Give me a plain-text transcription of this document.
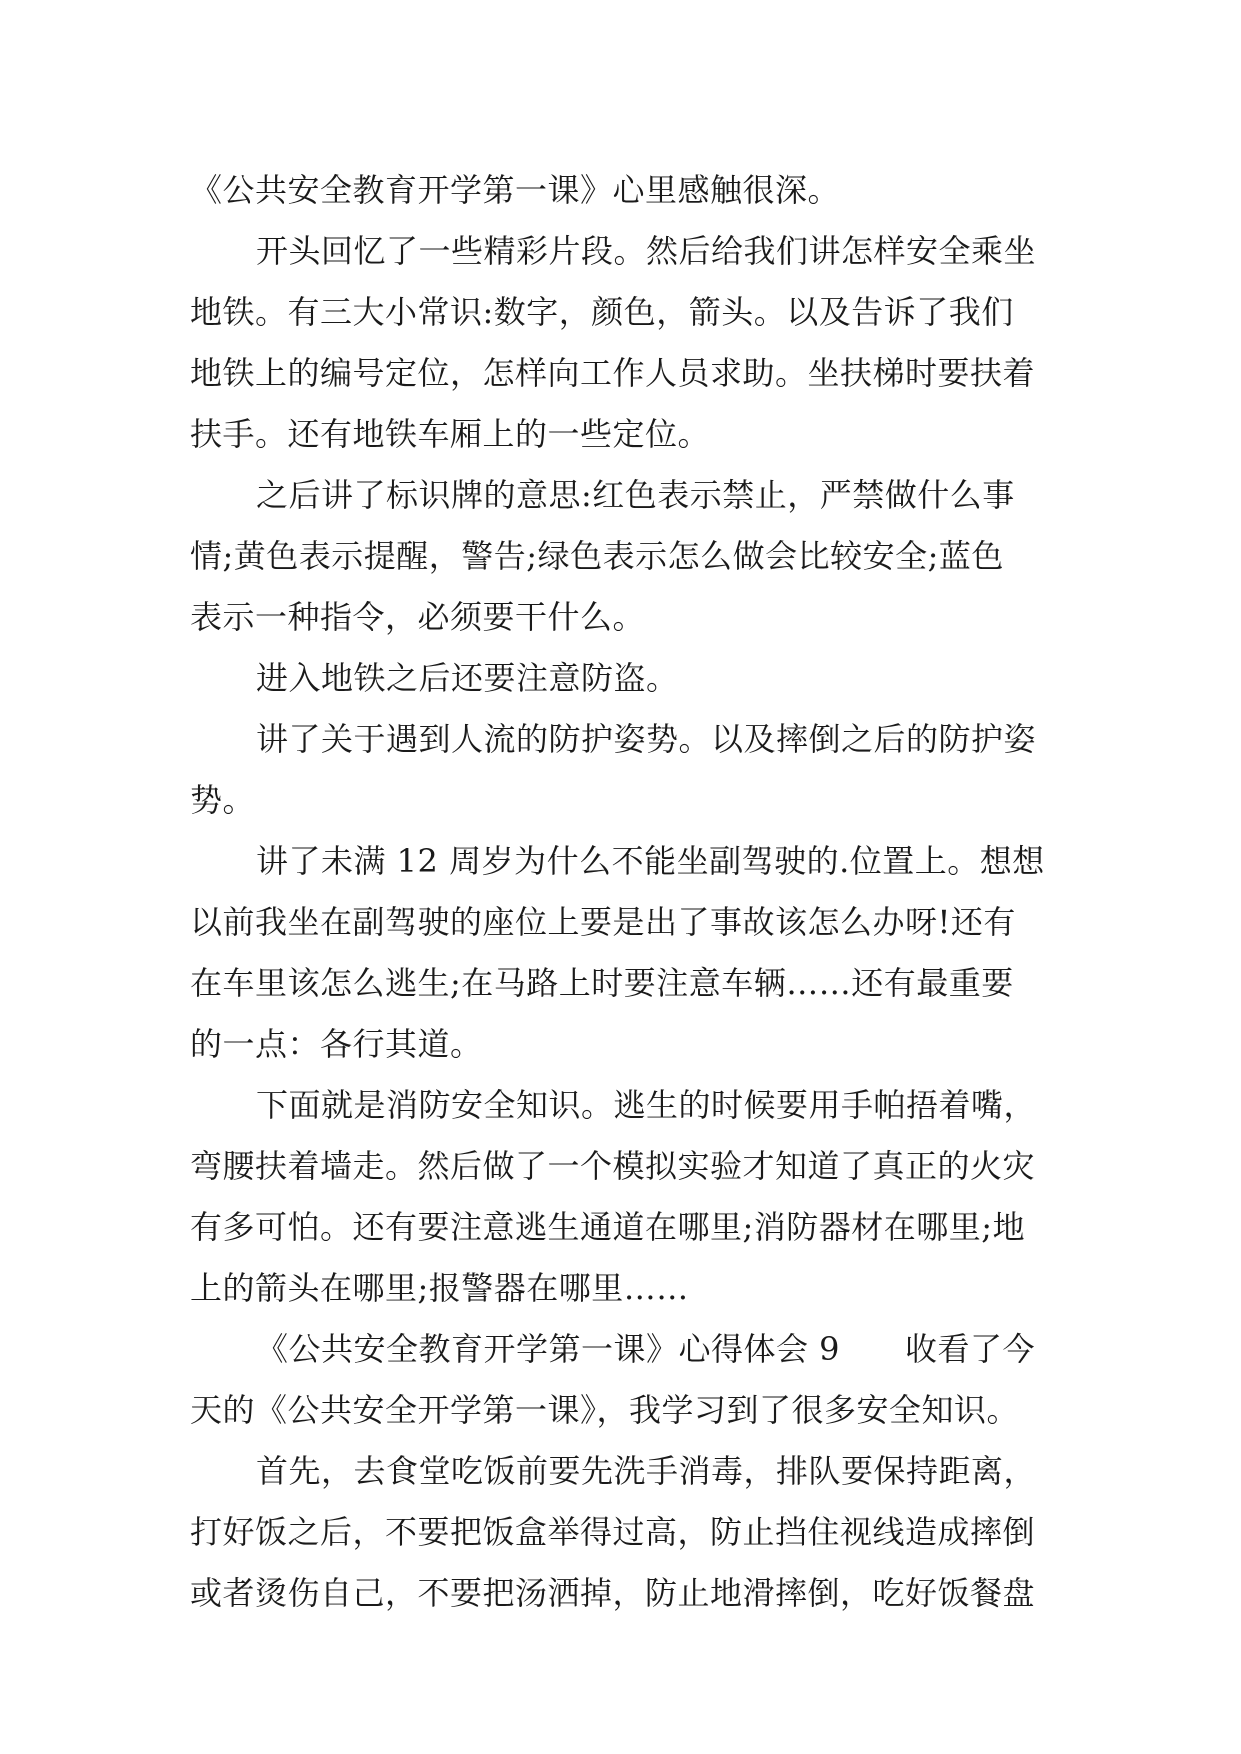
《公共安全教育开学第一课》心里感触很深。
开头回忆了一些精彩片段。然后给我们讲怎样安全乘坐
地铁。有三大小常识:数字，颜色，箭头。以及告诉了我们
地铁上的编号定位，怎样向工作人员求助。坐扶梯时要扶着
扶手。还有地铁车厢上的一些定位。
之后讲了标识牌的意思:红色表示禁止，严禁做什么事
情;黄色表示提醒，警告;绿色表示怎么做会比较安全;蓝色
表示一种指令，必须要干什么。
进入地铁之后还要注意防盗。
讲了关于遇到人流的防护姿势。以及摔倒之后的防护姿
势。
讲了未满 12 周岁为什么不能坐副驾驶的.位置上。想想
以前我坐在副驾驶的座位上要是出了事故该怎么办呀!还有
在车里该怎么逃生;在马路上时要注意车辆……还有最重要
的一点：各行其道。
下面就是消防安全知识。逃生的时候要用手帕捂着嘴，
弯腰扶着墙走。然后做了一个模拟实验才知道了真正的火灾
有多可怕。还有要注意逃生通道在哪里;消防器材在哪里;地
上的箭头在哪里;报警器在哪里……
《公共安全教育开学第一课》心得体会 9　　收看了今
天的《公共安全开学第一课》，我学习到了很多安全知识。
首先，去食堂吃饭前要先洗手消毒，排队要保持距离，
打好饭之后，不要把饭盒举得过高，防止挡住视线造成摔倒
或者烫伤自己，不要把汤洒掉，防止地滑摔倒，吃好饭餐盘
